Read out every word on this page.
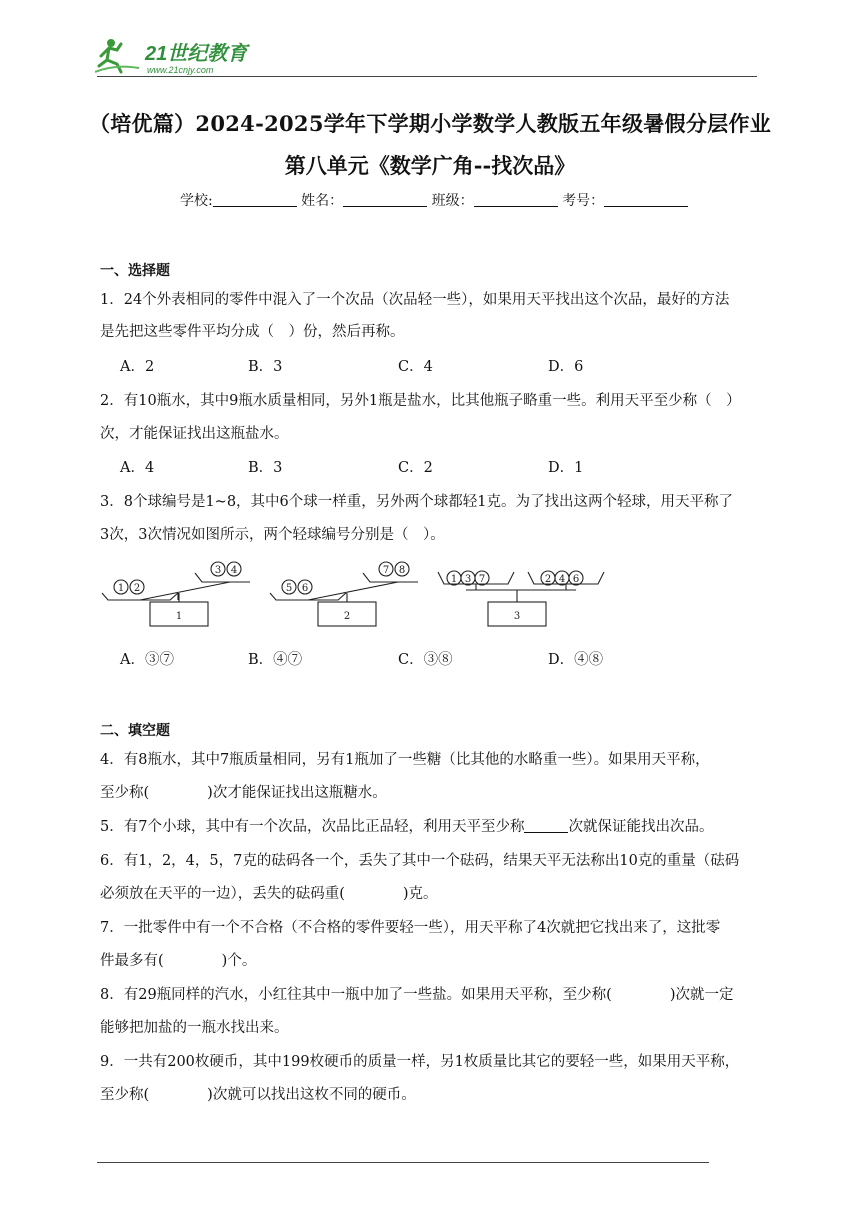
21世纪教育
www.21cnjy.com
（培优篇）2024-2025学年下学期小学数学人教版五年级暑假分层作业
第八单元《数学广角--找次品》
学校:	姓名：	班级：	考号：
一、选择题
1．24个外表相同的零件中混入了一个次品（次品轻一些），如果用天平找出这个次品，最好的方法
是先把这些零件平均分成（　）份，然后再称。
A．2	B．3	C．4	D．6
2．有10瓶水，其中9瓶水质量相同，另外1瓶是盐水，比其他瓶子略重一些。利用天平至少称（　）
次，才能保证找出这瓶盐水。
A．4	B．3	C．2	D．1
3．8个球编号是1~8，其中6个球一样重，另外两个球都轻1克。为了找出这两个轻球，用天平称了
3次，3次情况如图所示，两个轻球编号分别是（　）。
1 2
3 4
1
5 6
7 8
2
1 3 7	2 4 6
3
A．③⑦	B．④⑦	C．③⑧	D．④⑧
二、填空题
4．有8瓶水，其中7瓶质量相同，另有1瓶加了一些糖（比其他的水略重一些）。如果用天平称，
至少称(　　　　)次才能保证找出这瓶糖水。
5．有7个小球，其中有一个次品，次品比正品轻，利用天平至少称	次就保证能找出次品。
6．有1，2，4，5，7克的砝码各一个，丢失了其中一个砝码，结果天平无法称出10克的重量（砝码
必须放在天平的一边），丢失的砝码重(　　　　)克。
7．一批零件中有一个不合格（不合格的零件要轻一些），用天平称了4次就把它找出来了，这批零
件最多有(　　　　)个。
8．有29瓶同样的汽水，小红往其中一瓶中加了一些盐。如果用天平称，至少称(　　　　)次就一定
能够把加盐的一瓶水找出来。
9．一共有200枚硬币，其中199枚硬币的质量一样，另1枚质量比其它的要轻一些，如果用天平称，
至少称(　　　　)次就可以找出这枚不同的硬币。
